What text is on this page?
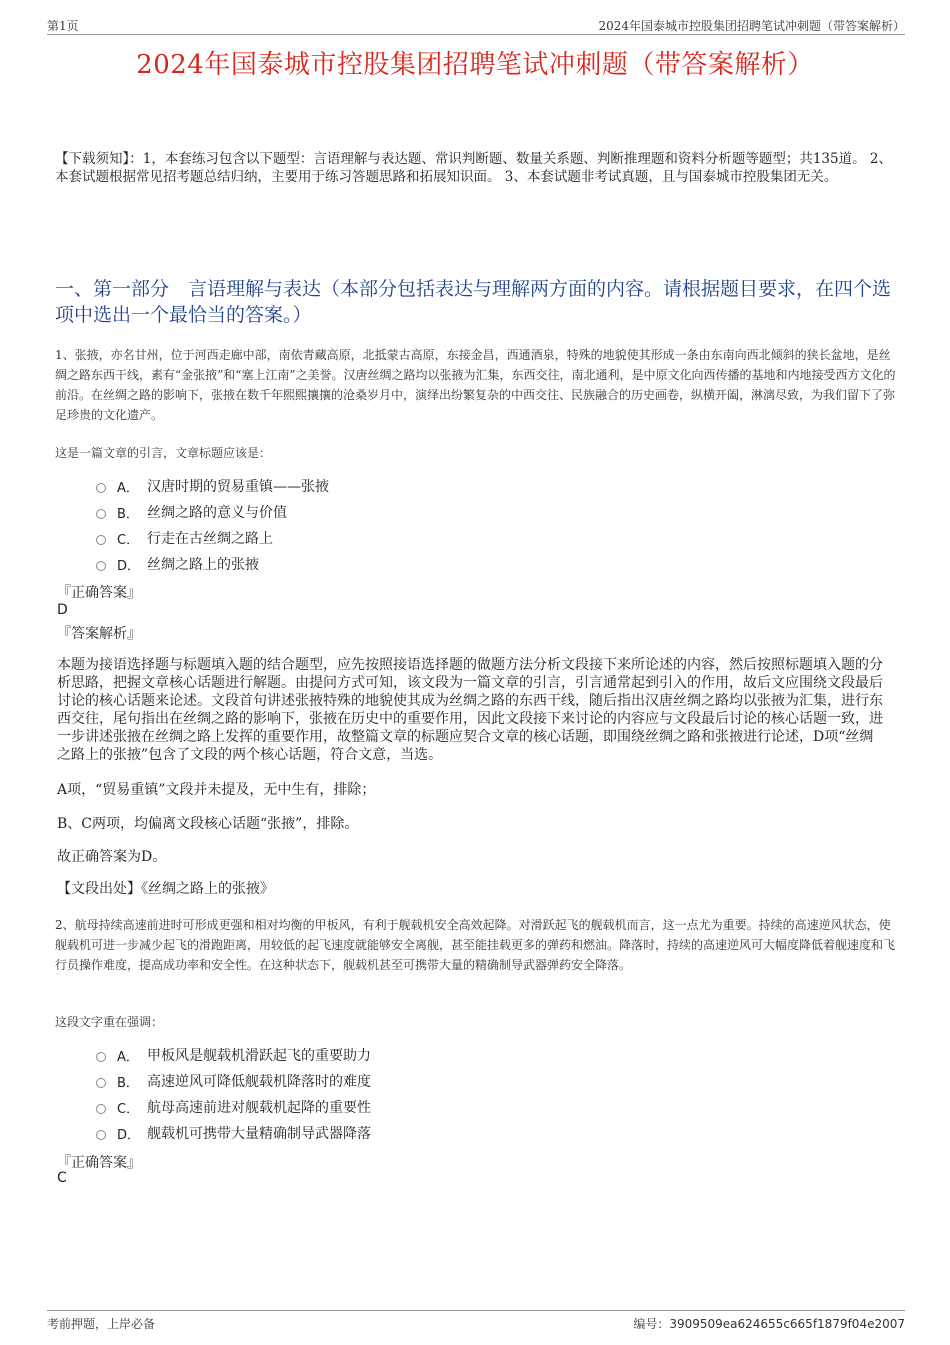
第1页	2024年国泰城市控股集团招聘笔试冲刺题（带答案解析）
2024年国泰城市控股集团招聘笔试冲刺题（带答案解析）
【下载须知】：1，本套练习包含以下题型：言语理解与表达题、常识判断题、数量关系题、判断推理题和资料分析题等题型；共135道。 2、本套试题根据常见招考题总结归纳，主要用于练习答题思路和拓展知识面。 3、本套试题非考试真题，且与国泰城市控股集团无关。
一、第一部分　言语理解与表达（本部分包括表达与理解两方面的内容。请根据题目要求，在四个选项中选出一个最恰当的答案。）
1、张掖，亦名甘州，位于河西走廊中部，南依青藏高原，北抵蒙古高原，东接金昌，西通酒泉，特殊的地貌使其形成一条由东南向西北倾斜的狭长盆地，是丝绸之路东西干线，素有“金张掖”和“塞上江南”之美誉。汉唐丝绸之路均以张掖为汇集，东西交往，南北通利，是中原文化向西传播的基地和内地接受西方文化的前沿。在丝绸之路的影响下，张掖在数千年熙熙攘攘的沧桑岁月中，演绎出纷繁复杂的中西交往、民族融合的历史画卷，纵横开阖，淋漓尽致，为我们留下了弥足珍贵的文化遗产。
这是一篇文章的引言，文章标题应该是：
A． 汉唐时期的贸易重镇——张掖
B． 丝绸之路的意义与价值
C． 行走在古丝绸之路上
D． 丝绸之路上的张掖
『正确答案』
D
『答案解析』
本题为接语选择题与标题填入题的结合题型，应先按照接语选择题的做题方法分析文段接下来所论述的内容，然后按照标题填入题的分析思路，把握文章核心话题进行解题。由提问方式可知，该文段为一篇文章的引言，引言通常起到引入的作用，故后文应围绕文段最后讨论的核心话题来论述。文段首句讲述张掖特殊的地貌使其成为丝绸之路的东西干线，随后指出汉唐丝绸之路均以张掖为汇集，进行东西交往，尾句指出在丝绸之路的影响下，张掖在历史中的重要作用，因此文段接下来讨论的内容应与文段最后讨论的核心话题一致，进一步讲述张掖在丝绸之路上发挥的重要作用，故整篇文章的标题应契合文章的核心话题，即围绕丝绸之路和张掖进行论述，D项“丝绸之路上的张掖”包含了文段的两个核心话题，符合文意，当选。
A项，“贸易重镇”文段并未提及，无中生有，排除；
B、C两项，均偏离文段核心话题“张掖”，排除。
故正确答案为D。
【文段出处】《丝绸之路上的张掖》
2、航母持续高速前进时可形成更强和相对均衡的甲板风，有利于舰载机安全高效起降。对滑跃起飞的舰载机而言，这一点尤为重要。持续的高速逆风状态，使舰载机可进一步减少起飞的滑跑距离，用较低的起飞速度就能够安全离舰，甚至能挂载更多的弹药和燃油。降落时，持续的高速逆风可大幅度降低着舰速度和飞行员操作难度，提高成功率和安全性。在这种状态下，舰载机甚至可携带大量的精确制导武器弹药安全降落。
这段文字重在强调：
A． 甲板风是舰载机滑跃起飞的重要助力
B． 高速逆风可降低舰载机降落时的难度
C． 航母高速前进对舰载机起降的重要性
D． 舰载机可携带大量精确制导武器降落
『正确答案』
C
考前押题，上岸必备	编号：3909509ea624655c665f1879f04e2007
